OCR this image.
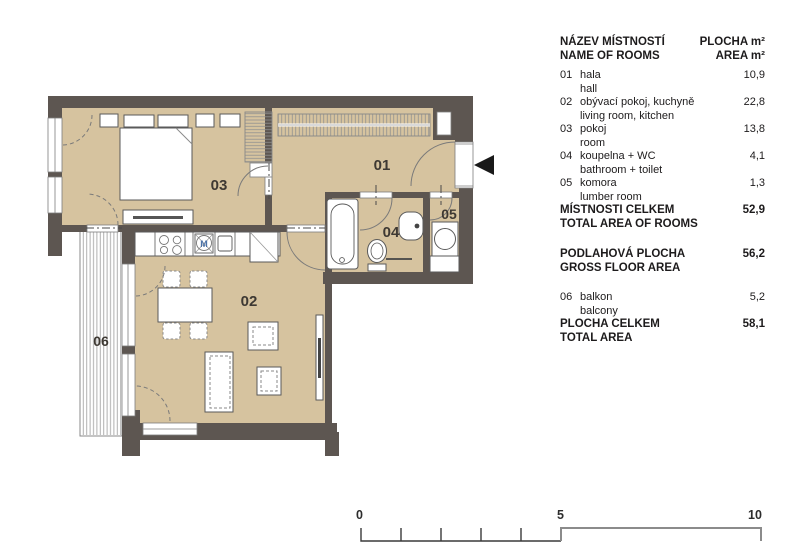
01
02
03
04
05
06
M
0	5	10
NÁZEV MÍSTNOSTÍ
NAME OF ROOMS
PLOCHA m²
AREA m²
01 hala
hall
10,9
02 obývací pokoj, kuchyně
living room, kitchen
22,8
03 pokoj
room
13,8
04 koupelna + WC
bathroom + toilet
4,1
05 komora
lumber room
1,3
MÍSTNOSTI CELKEM
TOTAL AREA OF ROOMS
52,9
PODLAHOVÁ PLOCHA
GROSS FLOOR AREA
56,2
06 balkon
balcony
5,2
PLOCHA CELKEM
TOTAL AREA
58,1
